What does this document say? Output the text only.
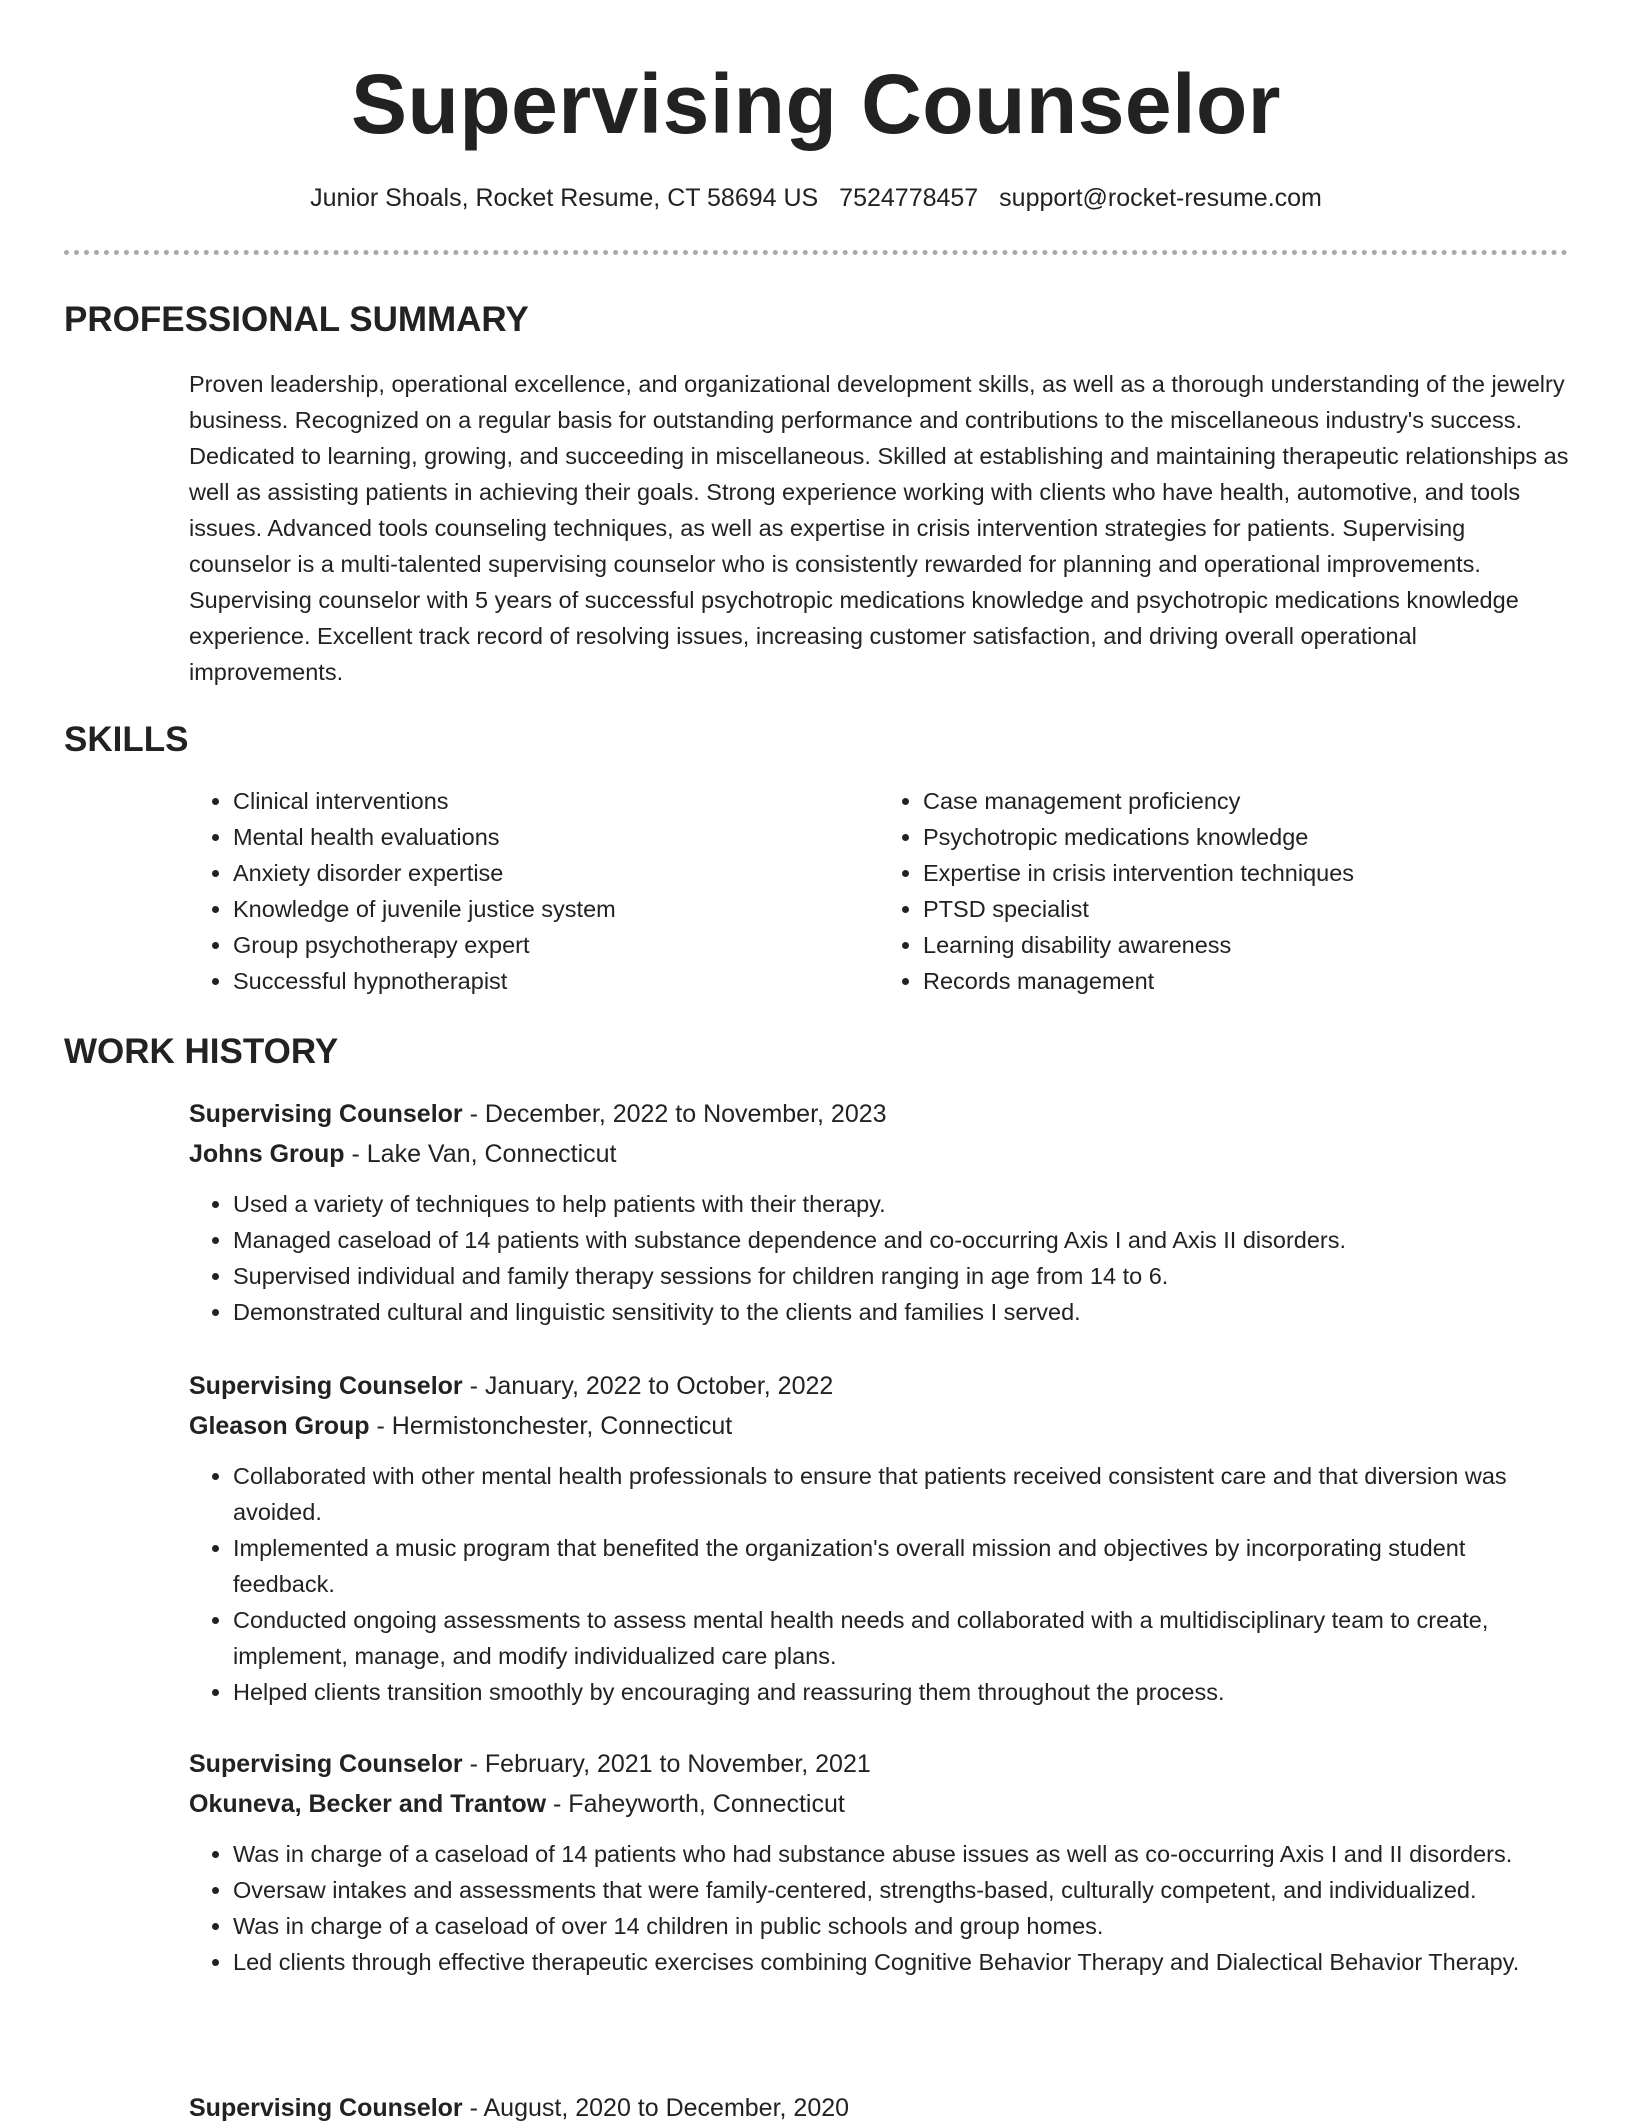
Supervising Counselor
Junior Shoals, Rocket Resume, CT 58694 US 7524778457 support@rocket-resume.com
PROFESSIONAL SUMMARY

Proven leadership, operational excellence, and organizational development skills, as well as a thorough understanding of the jewelry business. Recognized on a regular basis for outstanding performance and contributions to the miscellaneous industry's success. Dedicated to learning, growing, and succeeding in miscellaneous. Skilled at establishing and maintaining therapeutic relationships as well as assisting patients in achieving their goals. Strong experience working with clients who have health, automotive, and tools issues. Advanced tools counseling techniques, as well as expertise in crisis intervention strategies for patients. Supervising counselor is a multi-talented supervising counselor who is consistently rewarded for planning and operational improvements. Supervising counselor with 5 years of successful psychotropic medications knowledge and psychotropic medications knowledge experience. Excellent track record of resolving issues, increasing customer satisfaction, and driving overall operational improvements.

SKILLS
• Clinical interventions
• Mental health evaluations
• Anxiety disorder expertise
• Knowledge of juvenile justice system
• Group psychotherapy expert
• Successful hypnotherapist
• Case management proficiency
• Psychotropic medications knowledge
• Expertise in crisis intervention techniques
• PTSD specialist
• Learning disability awareness
• Records management
WORK HISTORY
Supervising Counselor - December, 2022 to November, 2023
Johns Group - Lake Van, Connecticut
• Used a variety of techniques to help patients with their therapy.
• Managed caseload of 14 patients with substance dependence and co-occurring Axis I and Axis II disorders.
• Supervised individual and family therapy sessions for children ranging in age from 14 to 6.
• Demonstrated cultural and linguistic sensitivity to the clients and families I served.
Supervising Counselor - January, 2022 to October, 2022
Gleason Group - Hermistonchester, Connecticut
• Collaborated with other mental health professionals to ensure that patients received consistent care and that diversion was avoided.
• Implemented a music program that benefited the organization's overall mission and objectives by incorporating student feedback.
• Conducted ongoing assessments to assess mental health needs and collaborated with a multidisciplinary team to create, implement, manage, and modify individualized care plans.
• Helped clients transition smoothly by encouraging and reassuring them throughout the process.
Supervising Counselor - February, 2021 to November, 2021
Okuneva, Becker and Trantow - Faheyworth, Connecticut
• Was in charge of a caseload of 14 patients who had substance abuse issues as well as co-occurring Axis I and II disorders.
• Oversaw intakes and assessments that were family-centered, strengths-based, culturally competent, and individualized.
• Was in charge of a caseload of over 14 children in public schools and group homes.
• Led clients through effective therapeutic exercises combining Cognitive Behavior Therapy and Dialectical Behavior Therapy.
Supervising Counselor - August, 2020 to December, 2020
